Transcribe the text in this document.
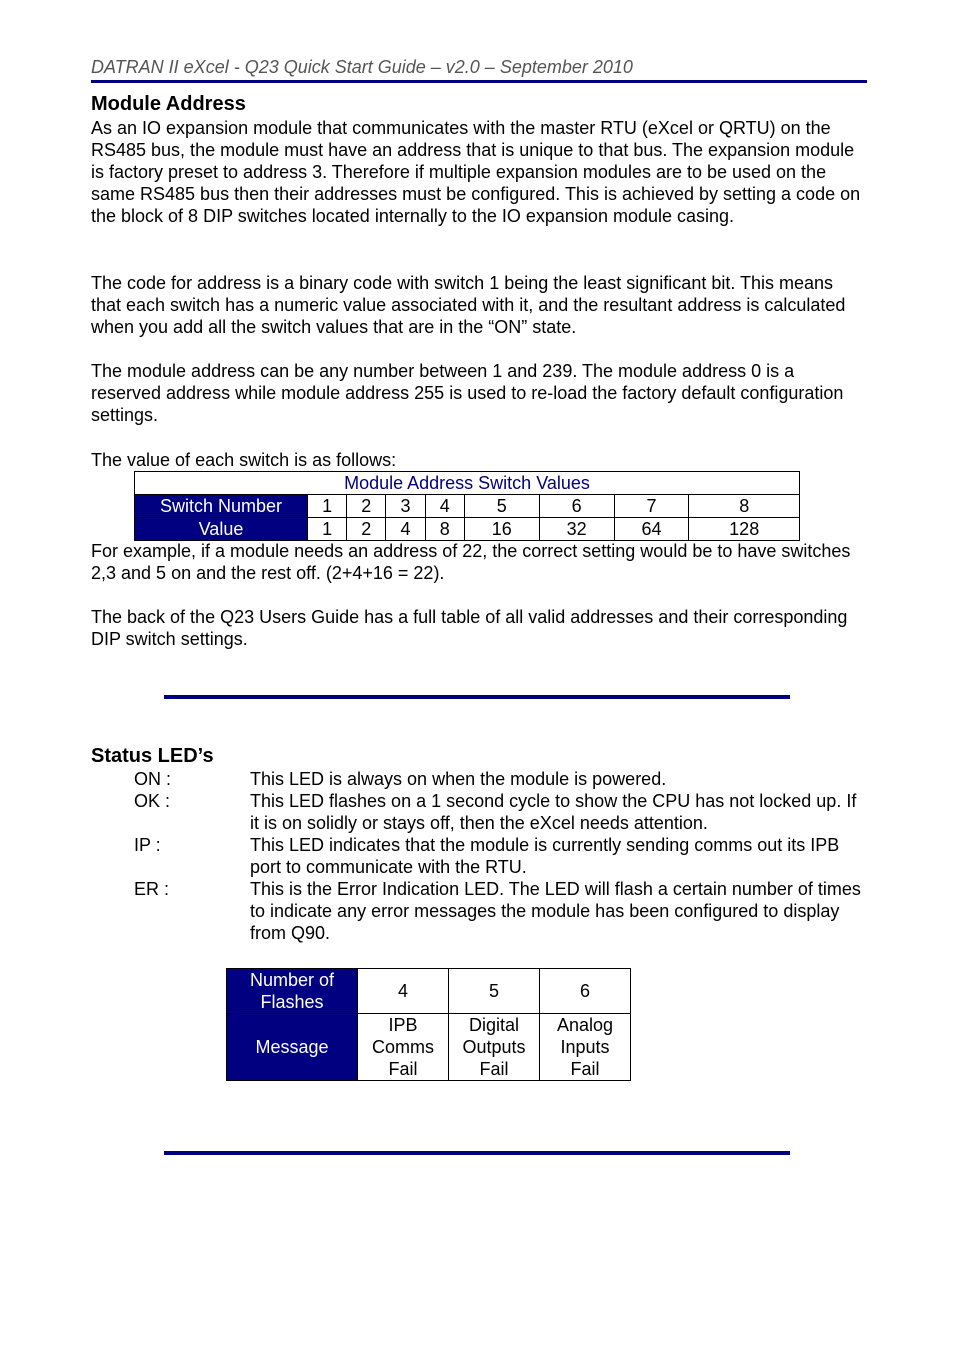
DATRAN II eXcel - Q23 Quick Start Guide – v2.0 – September 2010
Module Address

As an IO expansion module that communicates with the master RTU (eXcel or QRTU) on the RS485 bus, the module must have an address that is unique to that bus. The expansion module is factory preset to address 3. Therefore if multiple expansion modules are to be used on the same RS485 bus then their addresses must be configured. This is achieved by setting a code on the block of 8 DIP switches located internally to the IO expansion module casing.

The code for address is a binary code with switch 1 being the least significant bit. This means that each switch has a numeric value associated with it, and the resultant address is calculated when you add all the switch values that are in the “ON” state.

The module address can be any number between 1 and 239. The module address 0 is a reserved address while module address 255 is used to re-load the factory default configuration settings.

The value of each switch is as follows:

Module Address Switch Values								
Switch Number	1	2	3	4	5	6	7	8
Value	1	2	4	8	16	32	64	128

For example, if a module needs an address of 22, the correct setting would be to have switches 2,3 and 5 on and the rest off. (2+4+16 = 22).

The back of the Q23 Users Guide has a full table of all valid addresses and their corresponding DIP switch settings.

Status LED’s
ON :	This LED is always on when the module is powered.
OK :	This LED flashes on a 1 second cycle to show the CPU has not locked up. If it is on solidly or stays off, then the eXcel needs attention.
IP :	This LED indicates that the module is currently sending comms out its IPB port to communicate with the RTU.
ER :	This is the Error Indication LED. The LED will flash a certain number of times to indicate any error messages the module has been configured to display from Q90.
Number of Flashes	4	5	6
Message	IPB Comms Fail	Digital Outputs Fail	Analog Inputs Fail
